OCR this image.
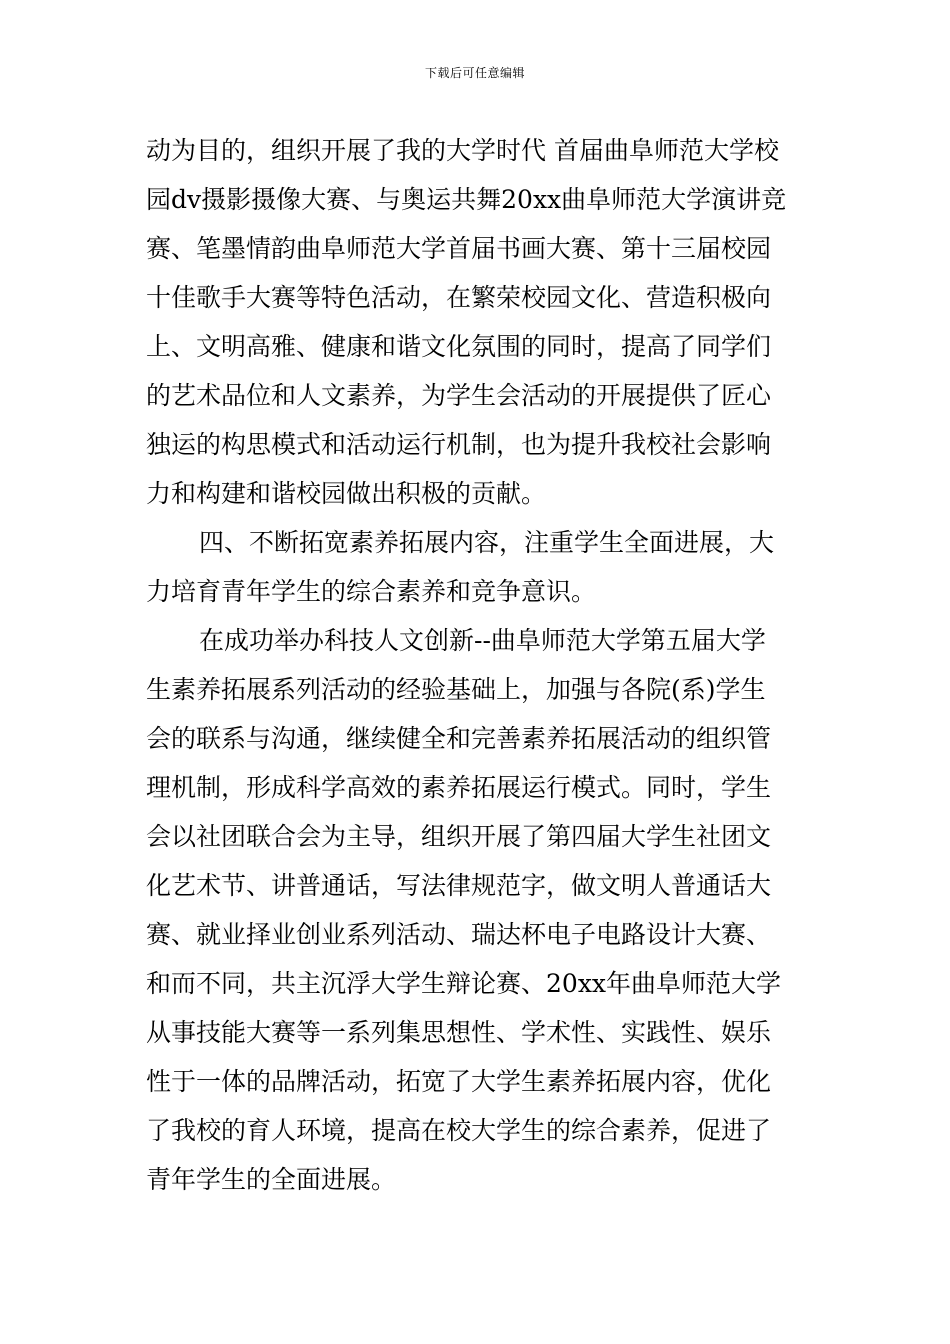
下载后可任意编辑
动为目的，组织开展了我的大学时代 首届曲阜师范大学校
园dv摄影摄像大赛、与奥运共舞20xx曲阜师范大学演讲竞
赛、笔墨情韵曲阜师范大学首届书画大赛、第十三届校园
十佳歌手大赛等特色活动，在繁荣校园文化、营造积极向
上、文明高雅、健康和谐文化氛围的同时，提高了同学们
的艺术品位和人文素养，为学生会活动的开展提供了匠心
独运的构思模式和活动运行机制，也为提升我校社会影响
力和构建和谐校园做出积极的贡献。
四、不断拓宽素养拓展内容，注重学生全面进展，大
力培育青年学生的综合素养和竞争意识。
在成功举办科技人文创新--曲阜师范大学第五届大学
生素养拓展系列活动的经验基础上，加强与各院(系)学生
会的联系与沟通，继续健全和完善素养拓展活动的组织管
理机制，形成科学高效的素养拓展运行模式。同时，学生
会以社团联合会为主导，组织开展了第四届大学生社团文
化艺术节、讲普通话，写法律规范字，做文明人普通话大
赛、就业择业创业系列活动、瑞达杯电子电路设计大赛、
和而不同，共主沉浮大学生辩论赛、20xx年曲阜师范大学
从事技能大赛等一系列集思想性、学术性、实践性、娱乐
性于一体的品牌活动，拓宽了大学生素养拓展内容，优化
了我校的育人环境，提高在校大学生的综合素养，促进了
青年学生的全面进展。
